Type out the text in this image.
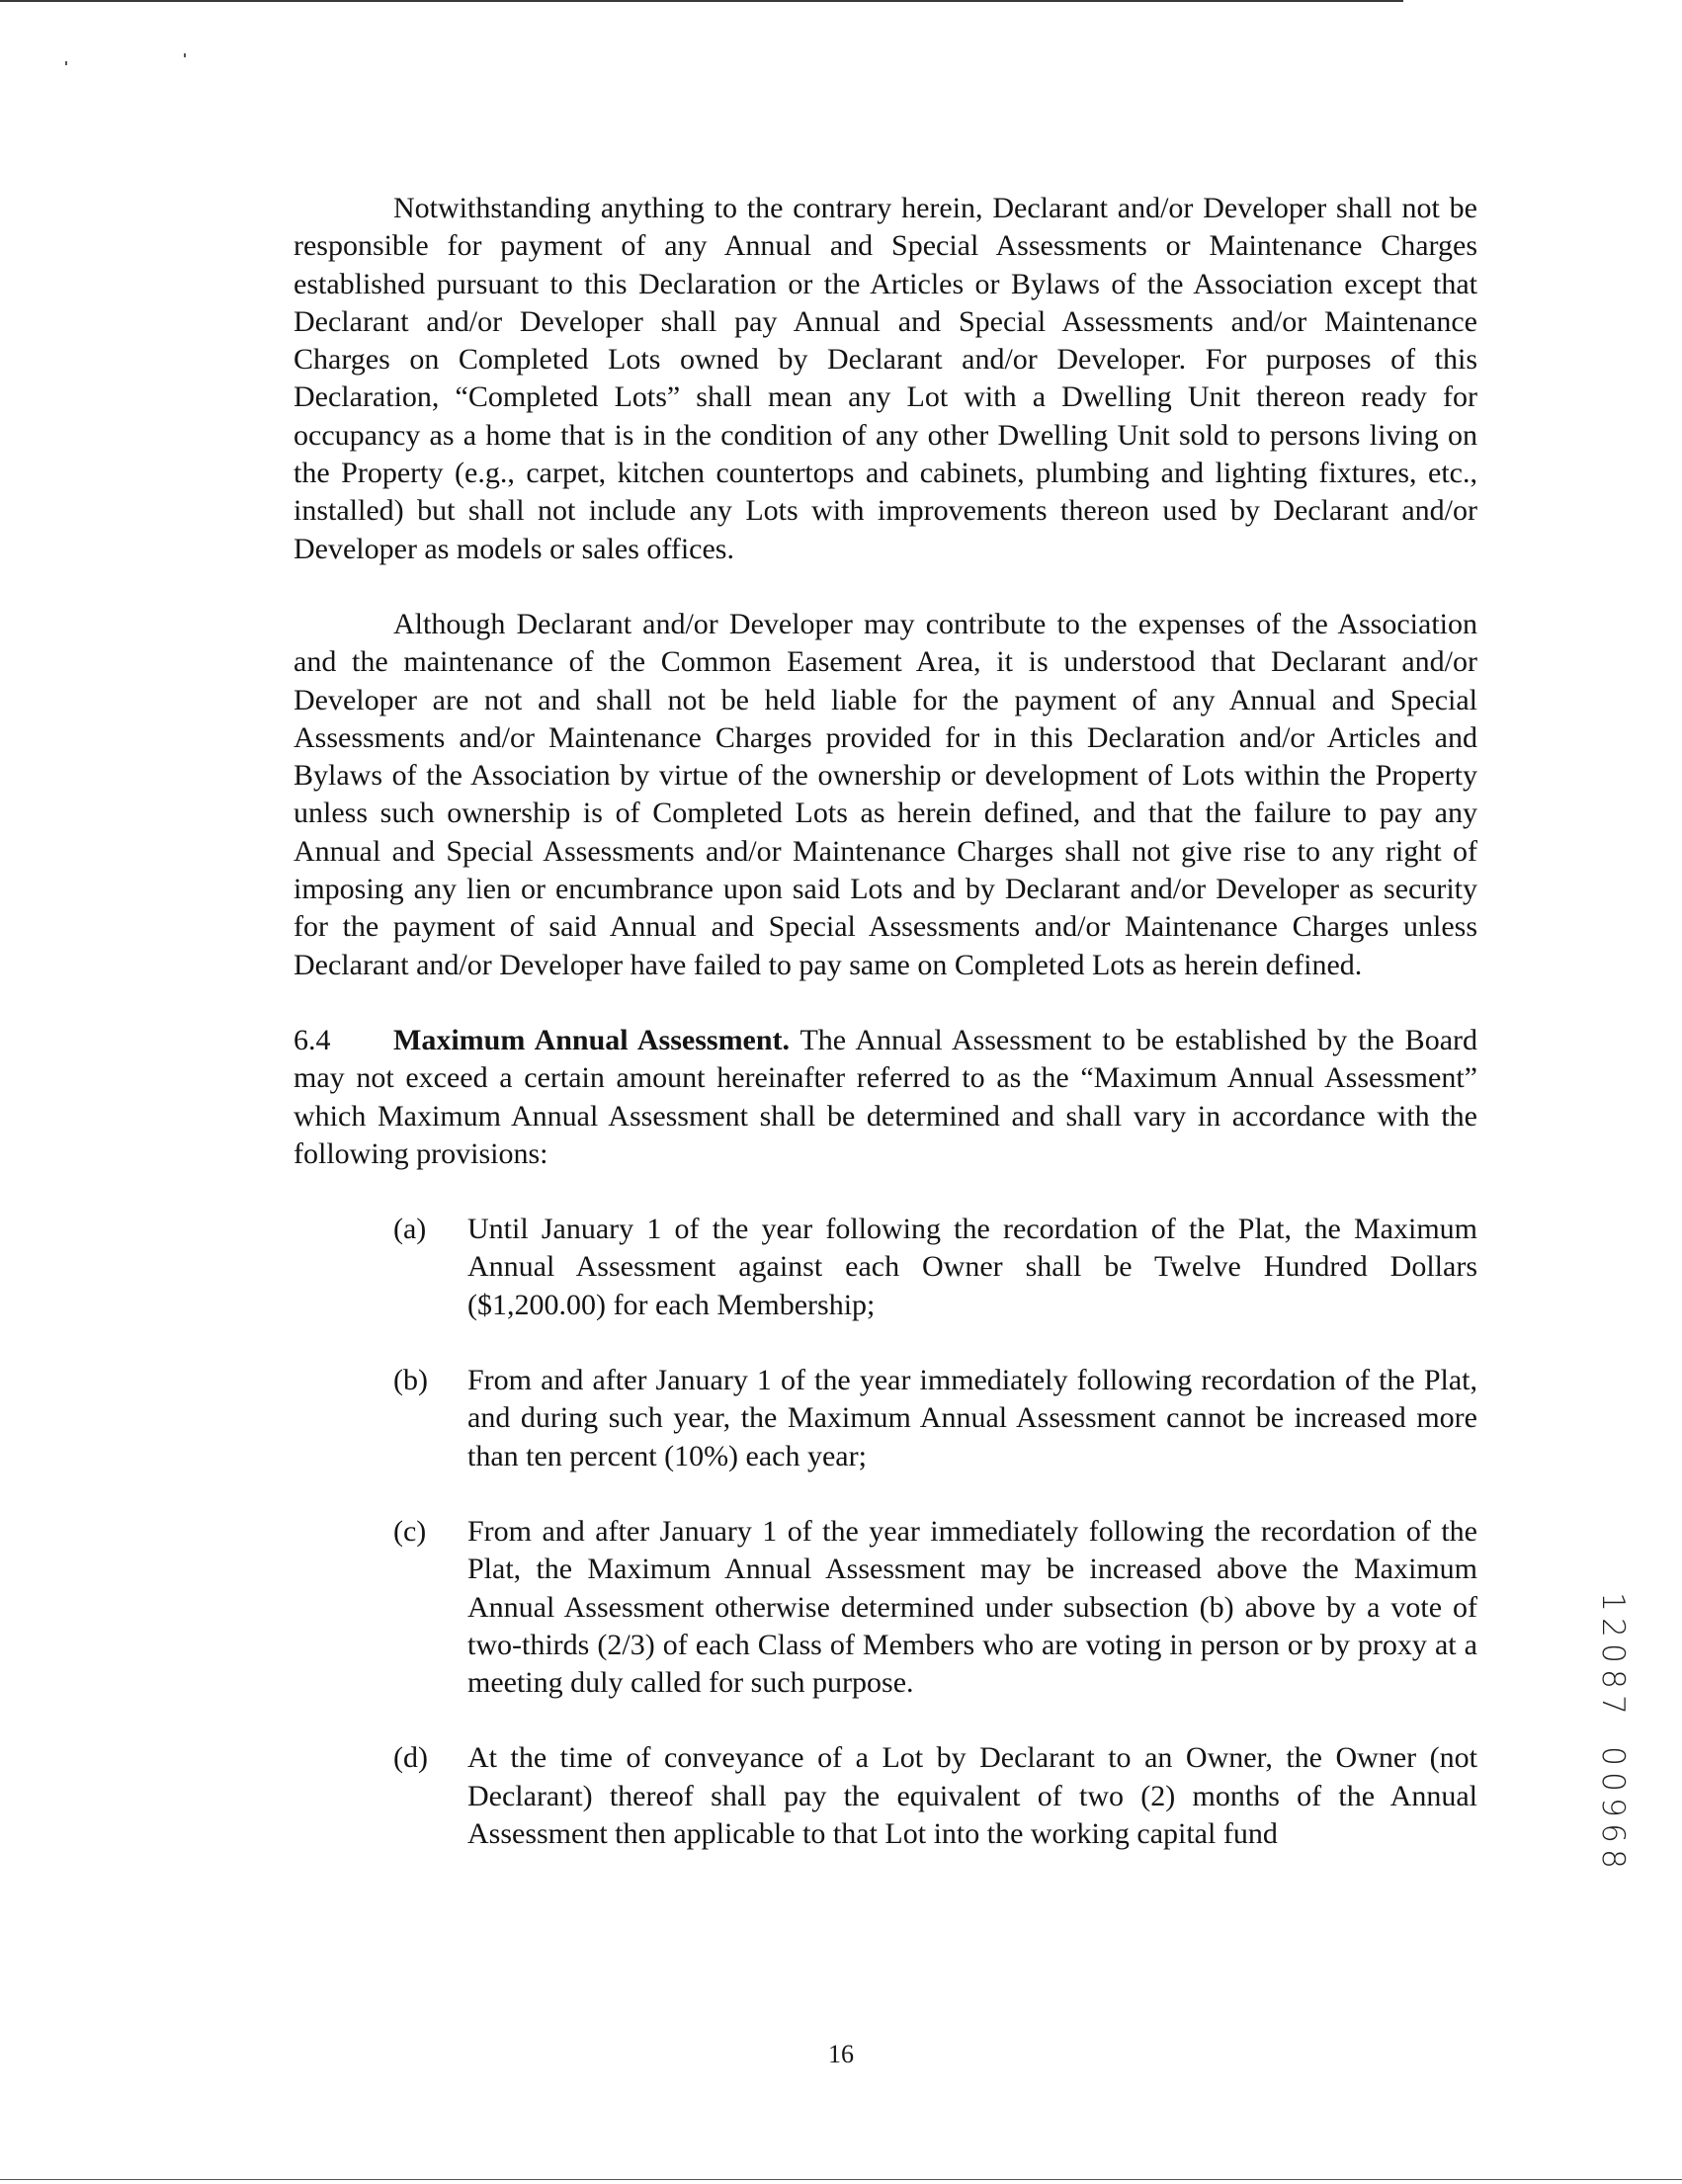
Notwithstanding anything to the contrary herein, Declarant and/or Developer shall not be responsible for payment of any Annual and Special Assessments or Maintenance Charges established pursuant to this Declaration or the Articles or Bylaws of the Association except that Declarant and/or Developer shall pay Annual and Special Assessments and/or Maintenance Charges on Completed Lots owned by Declarant and/or Developer. For purposes of this Declaration, “Completed Lots” shall mean any Lot with a Dwelling Unit thereon ready for occupancy as a home that is in the condition of any other Dwelling Unit sold to persons living on the Property (e.g., carpet, kitchen countertops and cabinets, plumbing and lighting fixtures, etc., installed) but shall not include any Lots with improvements thereon used by Declarant and/or Developer as models or sales offices.

Although Declarant and/or Developer may contribute to the expenses of the Association and the maintenance of the Common Easement Area, it is understood that Declarant and/or Developer are not and shall not be held liable for the payment of any Annual and Special Assessments and/or Maintenance Charges provided for in this Declaration and/or Articles and Bylaws of the Association by virtue of the ownership or development of Lots within the Property unless such ownership is of Completed Lots as herein defined, and that the failure to pay any Annual and Special Assessments and/or Maintenance Charges shall not give rise to any right of imposing any lien or encumbrance upon said Lots and by Declarant and/or Developer as security for the payment of said Annual and Special Assessments and/or Maintenance Charges unless Declarant and/or Developer have failed to pay same on Completed Lots as herein defined.

6.4 Maximum Annual Assessment. The Annual Assessment to be established by the Board may not exceed a certain amount hereinafter referred to as the “Maximum Annual Assessment” which Maximum Annual Assessment shall be determined and shall vary in accordance with the following provisions:

(a) Until January 1 of the year following the recordation of the Plat, the Maximum Annual Assessment against each Owner shall be Twelve Hundred Dollars ($1,200.00) for each Membership;
(b) From and after January 1 of the year immediately following recordation of the Plat, and during such year, the Maximum Annual Assessment cannot be increased more than ten percent (10%) each year;
(c) From and after January 1 of the year immediately following the recordation of the Plat, the Maximum Annual Assessment may be increased above the Maximum Annual Assessment otherwise determined under subsection (b) above by a vote of two-thirds (2/3) of each Class of Members who are voting in person or by proxy at a meeting duly called for such purpose.
(d) At the time of conveyance of a Lot by Declarant to an Owner, the Owner (not Declarant) thereof shall pay the equivalent of two (2) months of the Annual Assessment then applicable to that Lot into the working capital fund
1
2
0
8
7

0
0
9
6
8
16
